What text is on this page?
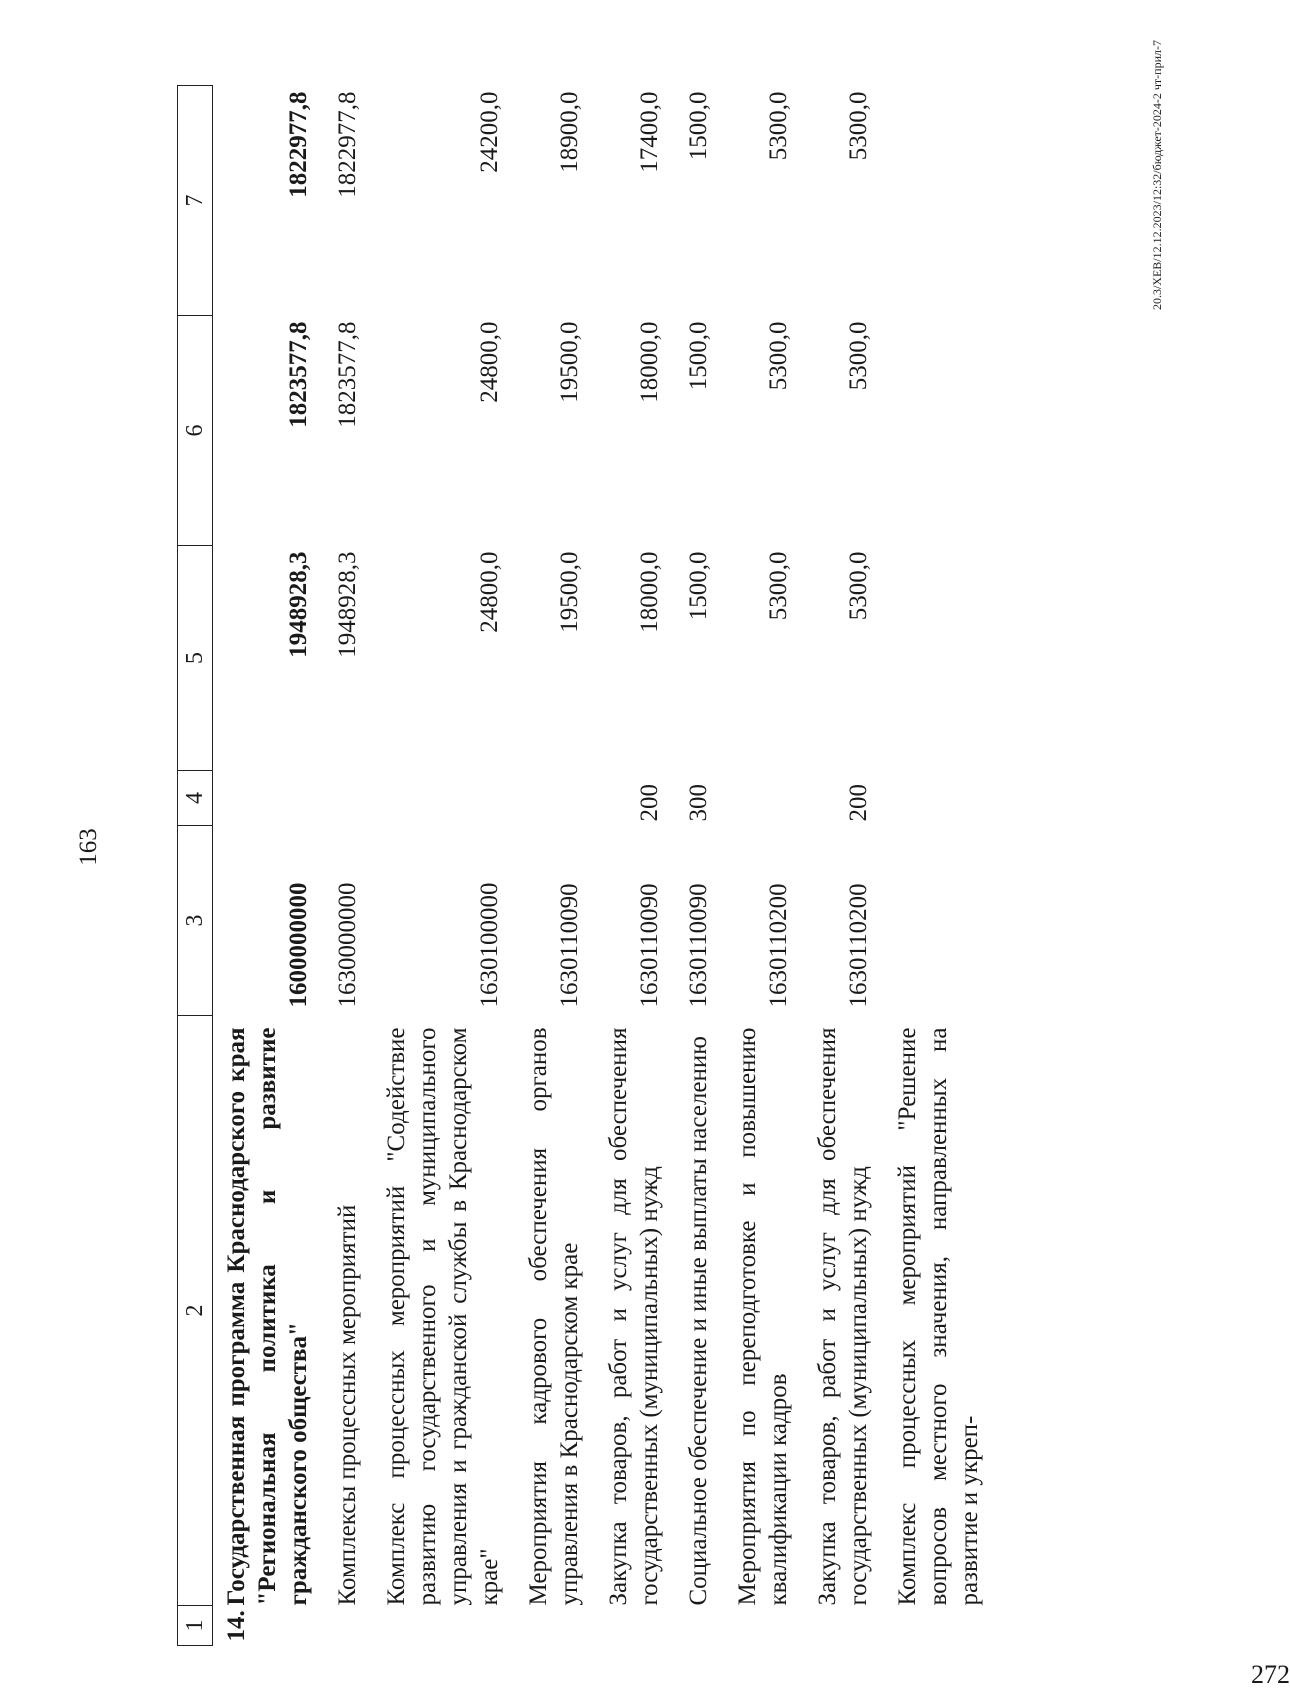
163
1	2	3	4	5	6	7
14.	Государственная программа Краснодарского края "Региональная политика и развитие гражданского общества"	1600000000		1948928,3	1823577,8	1822977,8
	Комплексы процессных мероприятий	1630000000		1948928,3	1823577,8	1822977,8
	Комплекс процессных мероприятий "Содействие развитию государственного и муниципального управления и гражданской службы в Краснодарском крае"	1630100000		24800,0	24800,0	24200,0
	Мероприятия кадрового обеспечения органов управления в Краснодарском крае	1630110090		19500,0	19500,0	18900,0
	Закупка товаров, работ и услуг для обеспечения государственных (муниципальных) нужд	1630110090	200	18000,0	18000,0	17400,0
	Социальное обеспечение и иные выплаты населению	1630110090	300	1500,0	1500,0	1500,0
	Мероприятия по переподготовке и повышению квалификации кадров	1630110200		5300,0	5300,0	5300,0
	Закупка товаров, работ и услуг для обеспечения государственных (муниципальных) нужд	1630110200	200	5300,0	5300,0	5300,0
	Комплекс процессных мероприятий "Решение вопросов местного значения, направленных на развитие и укреп-					
20.3/ХЕВ/12.12.2023/12:32/бюджет-2024-2 чт-прил-7
272
